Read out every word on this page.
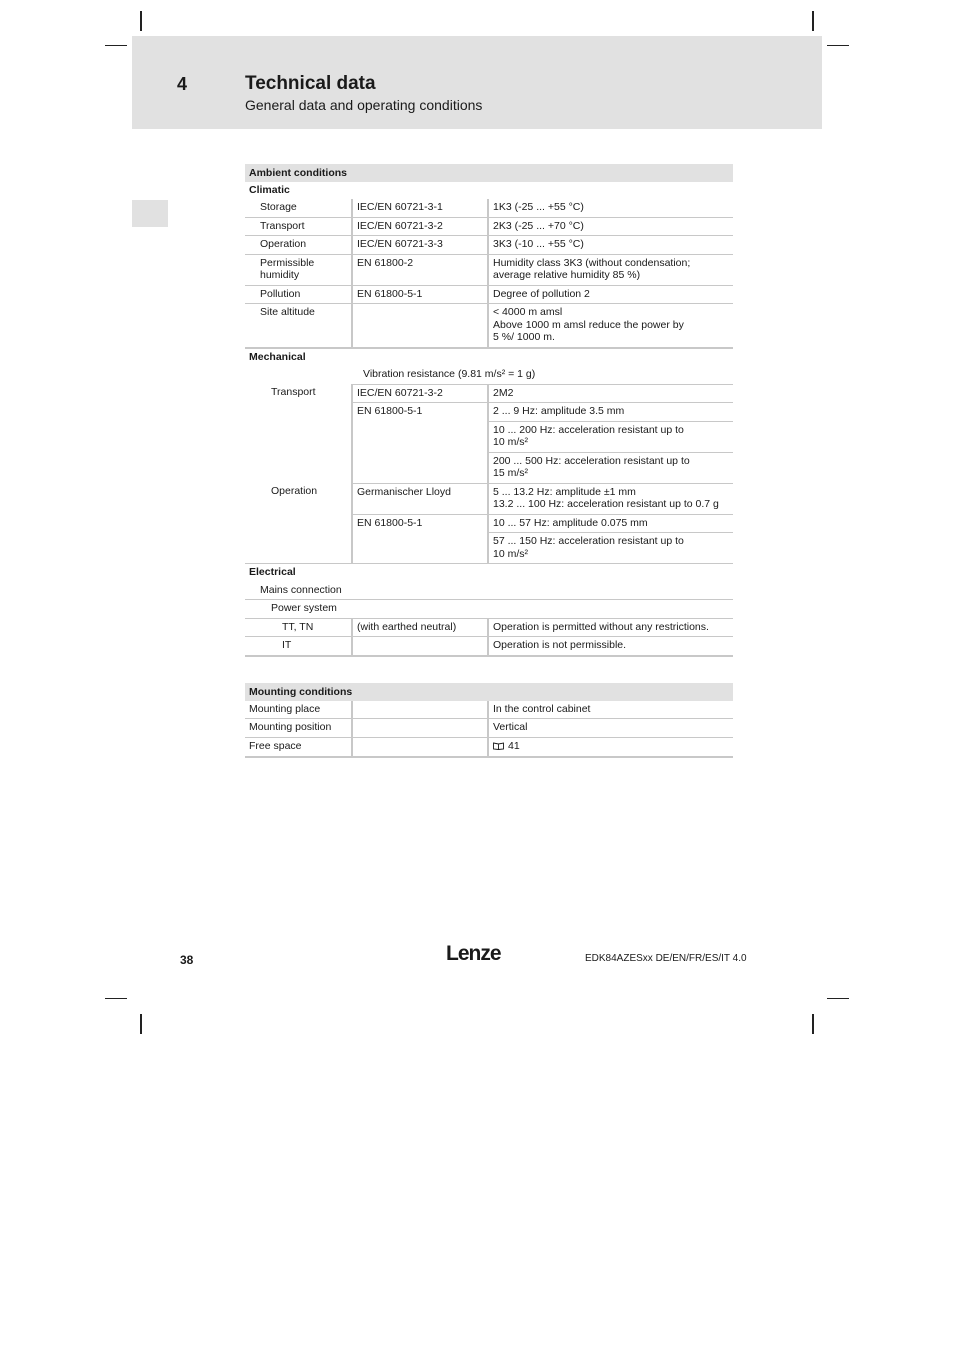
4	Technical data
General data and operating conditions
Ambient conditions		
Climatic		
Storage	IEC/EN 60721-3-1	1K3 (-25 ... +55 °C)
Transport	IEC/EN 60721-3-2	2K3 (-25 ... +70 °C)
Operation	IEC/EN 60721-3-3	3K3 (-10 ... +55 °C)
Permissible
humidity	EN 61800-2	Humidity class 3K3 (without condensation;
average relative humidity 85 %)
Pollution	EN 61800-5-1	Degree of pollution 2
Site altitude		< 4000 m amsl
Above 1000 m amsl reduce the power by
5 %/ 1000 m.
Mechanical		
	Vibration resistance (9.81 m/s² = 1 g)	
Transport	IEC/EN 60721-3-2	2M2
	EN 61800-5-1	2 ... 9 Hz: amplitude 3.5 mm
		10 ... 200 Hz: acceleration resistant up to
10 m/s²
		200 ... 500 Hz: acceleration resistant up to
15 m/s²
Operation	Germanischer Lloyd	5 ... 13.2 Hz: amplitude ±1 mm
13.2 ... 100 Hz: acceleration resistant up to 0.7 g
	EN 61800-5-1	10 ... 57 Hz: amplitude 0.075 mm
		57 ... 150 Hz: acceleration resistant up to
10 m/s²
Electrical		
Mains connection		
Power system		
TT, TN	(with earthed neutral)	Operation is permitted without any restrictions.
IT		Operation is not permissible.
Mounting conditions		
Mounting place		In the control cabinet
Mounting position		Vertical
Free space		41
38	Lenze	EDK84AZESxx DE/EN/FR/ES/IT 4.0
